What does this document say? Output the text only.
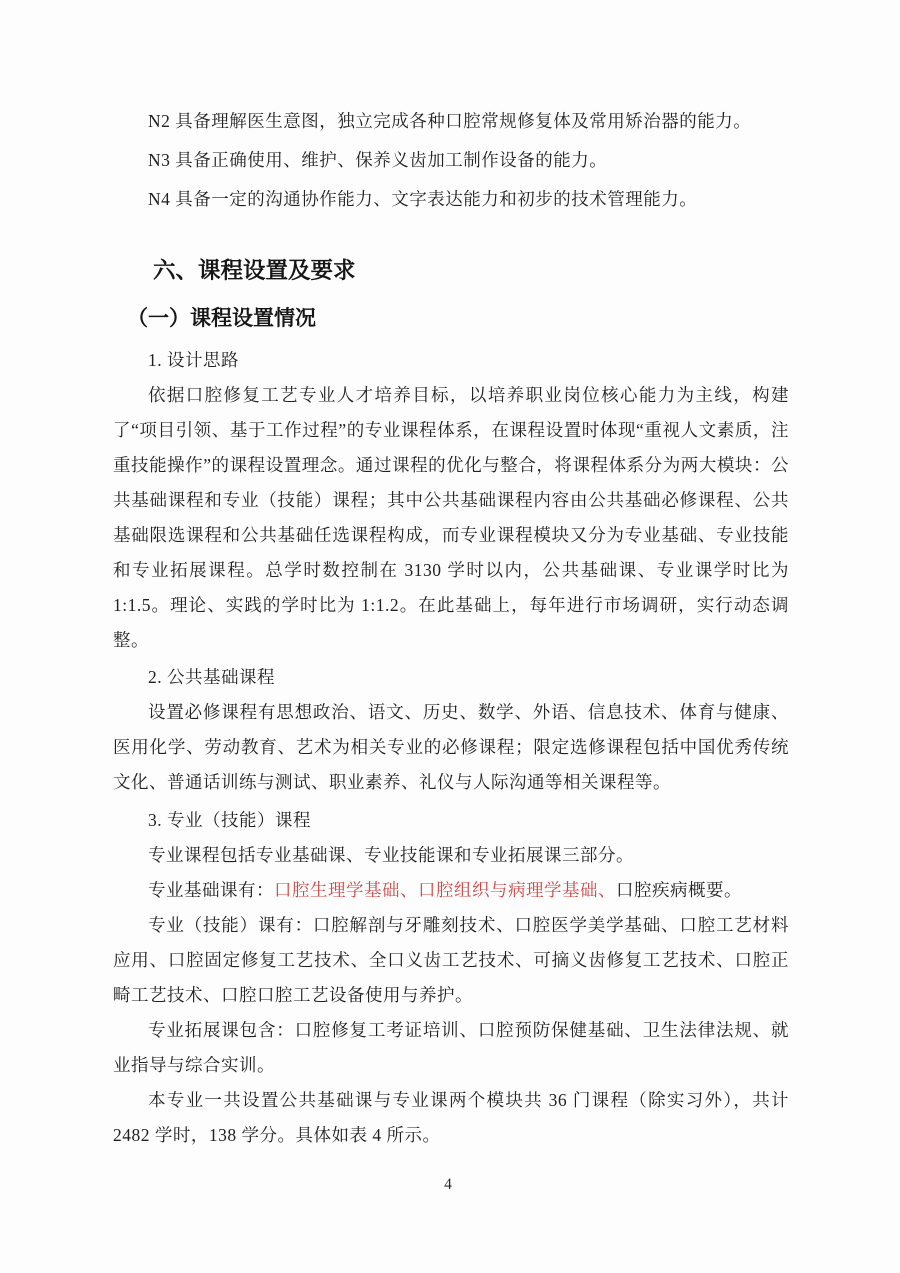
N2 具备理解医生意图，独立完成各种口腔常规修复体及常用矫治器的能力。

N3 具备正确使用、维护、保养义齿加工制作设备的能力。

N4 具备一定的沟通协作能力、文字表达能力和初步的技术管理能力。

六、课程设置及要求
（一）课程设置情况

1. 设计思路

依据口腔修复工艺专业人才培养目标，以培养职业岗位核心能力为主线，构建了“项目引领、基于工作过程”的专业课程体系，在课程设置时体现“重视人文素质，注重技能操作”的课程设置理念。通过课程的优化与整合，将课程体系分为两大模块：公共基础课程和专业（技能）课程；其中公共基础课程内容由公共基础必修课程、公共基础限选课程和公共基础任选课程构成，而专业课程模块又分为专业基础、专业技能和专业拓展课程。总学时数控制在 3130 学时以内，公共基础课、专业课学时比为 1:1.5。理论、实践的学时比为 1:1.2。在此基础上，每年进行市场调研，实行动态调整。

2. 公共基础课程

设置必修课程有思想政治、语文、历史、数学、外语、信息技术、体育与健康、医用化学、劳动教育、艺术为相关专业的必修课程；限定选修课程包括中国优秀传统文化、普通话训练与测试、职业素养、礼仪与人际沟通等相关课程等。

3. 专业（技能）课程

专业课程包括专业基础课、专业技能课和专业拓展课三部分。

专业基础课有：口腔生理学基础、口腔组织与病理学基础、口腔疾病概要。

专业（技能）课有：口腔解剖与牙雕刻技术、口腔医学美学基础、口腔工艺材料应用、口腔固定修复工艺技术、全口义齿工艺技术、可摘义齿修复工艺技术、口腔正畸工艺技术、口腔口腔工艺设备使用与养护。

专业拓展课包含：口腔修复工考证培训、口腔预防保健基础、卫生法律法规、就业指导与综合实训。

本专业一共设置公共基础课与专业课两个模块共 36 门课程（除实习外），共计 2482 学时，138 学分。具体如表 4 所示。

4
